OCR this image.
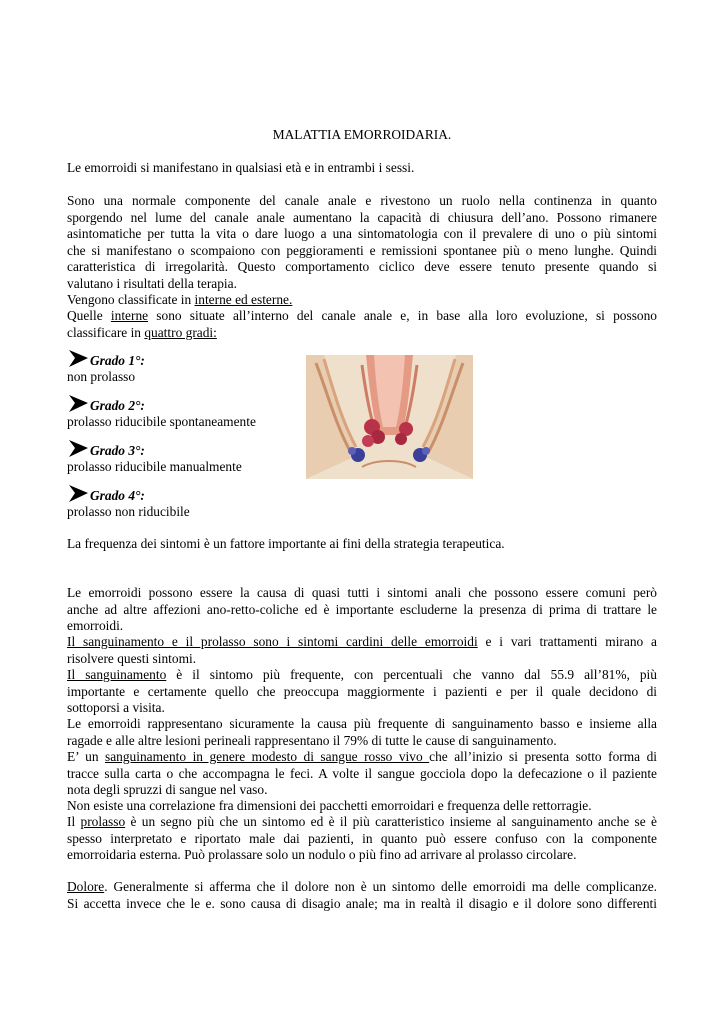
MALATTIA EMORROIDARIA.
Le emorroidi si manifestano in qualsiasi età e in entrambi i sessi.
Sono una normale componente del canale anale e rivestono un ruolo nella continenza in quanto
sporgendo nel lume del canale anale aumentano la capacità di chiusura dell’ano. Possono rimanere
asintomatiche per tutta la vita o dare luogo a una sintomatologia con il prevalere di uno o più sintomi
che si manifestano o scompaiono con peggioramenti e remissioni spontanee più o meno lunghe. Quindi
caratteristica di irregolarità. Questo comportamento ciclico deve essere tenuto presente quando si
valutano i risultati della terapia.
Vengono classificate in interne ed esterne.
Quelle interne sono situate all’interno del canale anale e, in base alla loro evoluzione, si possono
classificare in quattro gradi:
Grado 1°:
non prolasso
Grado 2°:
prolasso riducibile spontaneamente
Grado 3°:
prolasso riducibile manualmente
Grado 4°:
prolasso non riducibile
La frequenza dei sintomi è un fattore importante ai fini della strategia terapeutica.
Le emorroidi possono essere la causa di quasi tutti i sintomi anali che possono essere comuni però
anche ad altre affezioni ano-retto-coliche ed è importante escluderne la presenza di prima di trattare le
emorroidi.
Il sanguinamento e il prolasso sono i sintomi cardini delle emorroidi e i vari trattamenti mirano a
risolvere questi sintomi.
Il sanguinamento è il sintomo più frequente, con percentuali che vanno dal 55.9 all’81%, più
importante e certamente quello che preoccupa maggiormente i pazienti e per il quale decidono di
sottoporsi a visita.
Le emorroidi rappresentano sicuramente la causa più frequente di sanguinamento basso e insieme alla
ragade e alle altre lesioni perineali rappresentano il 79% di tutte le cause di sanguinamento.
E’ un sanguinamento in genere modesto di sangue rosso vivo che all’inizio si presenta sotto forma di
tracce sulla carta o che accompagna le feci. A volte il sangue gocciola dopo la defecazione o il paziente
nota degli spruzzi di sangue nel vaso.
Non esiste una correlazione fra dimensioni dei pacchetti emorroidari e frequenza delle rettorragie.
Il prolasso è un segno più che un sintomo ed è il più caratteristico insieme al sanguinamento anche se è
spesso interpretato e riportato male dai pazienti, in quanto può essere confuso con la componente
emorroidaria esterna. Può prolassare solo un nodulo o più fino ad arrivare al prolasso circolare.
Dolore. Generalmente si afferma che il dolore non è un sintomo delle emorroidi ma delle complicanze.
Si accetta invece che le e. sono causa di disagio anale; ma in realtà il disagio e il dolore sono differenti
